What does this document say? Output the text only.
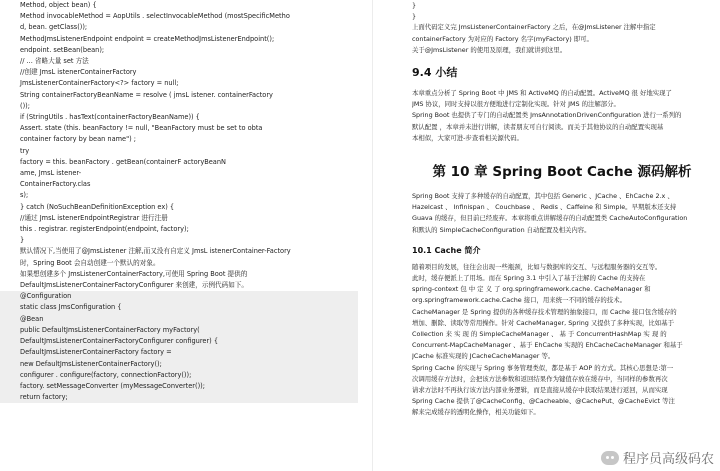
Method, object bean) {
Method invocableMethod = AopUtils . selectInvocableMethod (mostSpecificMetho
d, bean. getClass());
MethodJmsListenerEndpoint endpoint = createMethodJmsListenerEndpoint();
endpoint. setBean(bean);
// ... 省略大量 set 方法
//创建 JmsL istenerContainerFactory
JmsListenerContainerFactory<?> factory = null;
String containerFactoryBeanName = resolve ( jmsL istener. containerFactory
());
if (StringUtils . hasText(containerFactoryBeanName)) {
Assert. state (this. beanFactory != null, "BeanFactory must be set to obta
container factory by bean name") ;
try
factory = this. beanFactory . getBean(containerF actoryBeanN
ame, JmsL istener-
ContainerFactory.clas
s);
} catch (NoSuchBeanDefinitionException ex) {
//通过 JmsL istenerEndpointRegistrar 进行注册
this . registrar. registerEndpoint(endpoint, factory);
}
默认情况下,当使用了@JmsListener 注解,而又没有自定义 JmsL istenerContainer-Factory
时，Spring Boot 会自动创建一个默认的对象。
如果想创建多个 JmsListenerContainerFactory,可使用 Spring Boot 提供的
DefaultJmsListenerContainerFactoryConfigurer 来创建，示例代码如下。
@Configuration
static class JmsConfiguration {
@Bean
public DefaultJmsListenerContainerFactory myFactory(
DefaultJmsListenerContainerFactoryConfigurer configurer) {
DefaultJmsListenerContainerFactory factory =
new DefaultJmsListenerContainerFactory();
configurer . configure(factory, connectionFactory());
factory. setMessageConverter (myMessageConverter());
return factory;
}
}
上面代码定义完 JmsListenerContainerFactory 之后，在@JmsListener 注解中指定
containerFactory 为对应的 Factory 名字(myFactory) 即可。
关于@JmsListener 的使用及原理，我们就讲到这里。
9.4 小结
本章重点分析了 Spring Boot 中 JMS 和 ActiveMQ 的自动配置。ActiveMQ 很 好地实现了
JMS 协议，同时支持以很方便地进行定制化实现。针对 JMS 的注解部分。
Spring Boot 也提供了专门的自动配置类 JmsAnnotationDrivenConfiguration 进行一系列的
默认配置 ，本章并未进行讲解，读者朋友可自行阅读。而关于其他协议的自动配置实现基
本相似，大家可进-步查看相关源代码。
第 10 章 Spring Boot Cache 源码解析
Spring Boot 支持了多种缓存的自动配置，其中包括 Generic 、JCache 、EhCache 2.x 、
Hazelcast 、 Infinispan 、 Couchbase 、 Redis 、Caffeine 和 Simple。早期版本还支持
Guava 的缓存，但目前已经废弃。本章将重点讲解缓存的自动配置类 CacheAutoConfiguration
和默认的 SimpleCacheConfiguration 自动配置及相关内容。
10.1 Cache 简介
随着项目的发展，往往会出现一些瓶颈，比如与数据库的交互、与远程服务器的交互等。
此时，缓存便派上了用场。而在 Spring 3.1 中引入了基于注解的 Cache 的支持在
spring-context 包 中 定 义 了 org.springframework.cache. CacheManager 和
org.springframework.cache.Cache 接口，用来统一不同的缓存的技术。
CacheManager 是 Spring 提供的各种缓存技术管理的抽象接口，而 Cache 接口包含缓存的
增加、删除、读取等常用操作。针对 CacheManager, Spring 又提供了多种实现，比如基于
Collection 来 实 现 的 SimpleCacheManager 、 基 于 ConcurrentHashMap 实 现 的
Concurrent-MapCacheManager 、基于 EhCache 实现的 EhCacheCacheManager 和基于
JCache 标准实现的 JCacheCacheManager 等。
Spring Cache 的实现与 Spring 事务管理类似，都是基于 AOP 的方式。其核心思想是:第一
次调用缓存方法时，会把该方法参数和返回结果作为键值存放在缓存中，当同样的参数再次
请求方法时不再执行该方法内部业务逻辑，而是直接从缓存中获取结果进行返回，从而实现
Spring Cache 提供了@CacheConfig、@Cacheable、@CachePut、@CacheEvict 等注
解来完成缓存的透明化操作，相关功能如下。
程序员高级码农
